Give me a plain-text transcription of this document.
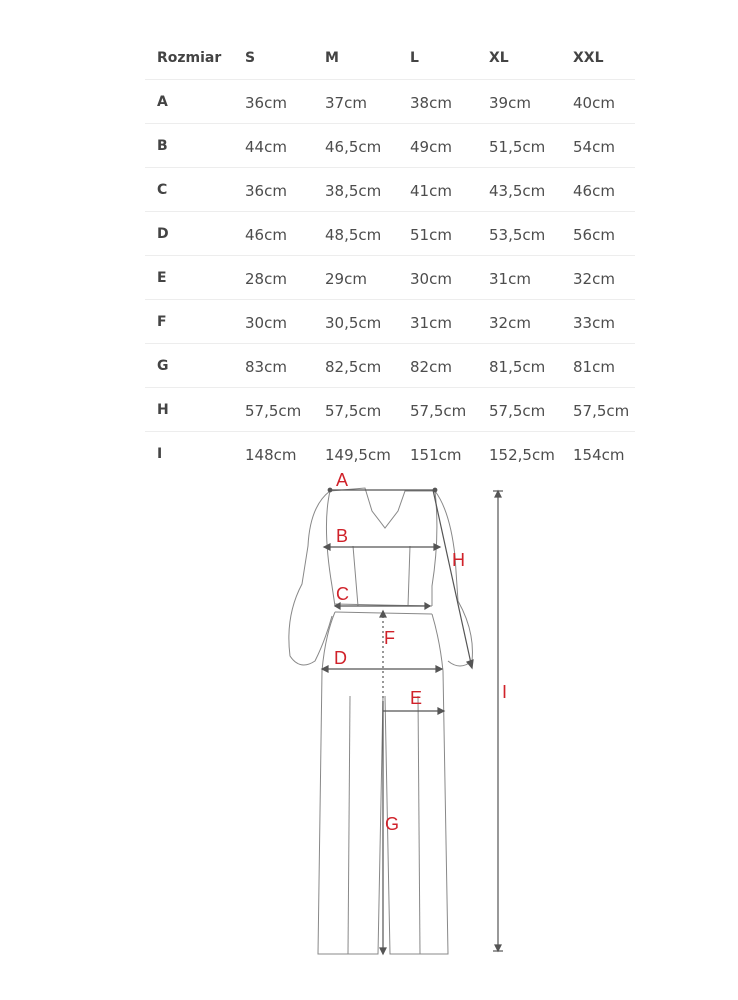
Rozmiar S	M	L	XL	XXL
A	36cm	37cm	38cm 39cm	40cm
B	44cm	46,5cm 49cm 51,5cm 54cm
C	36cm	38,5cm 41cm 43,5cm 46cm
D	46cm	48,5cm 51cm 53,5cm 56cm
E	28cm	29cm	30cm 31cm	32cm
F	30cm	30,5cm 31cm 32cm	33cm
G	83cm	82,5cm 82cm 81,5cm 81cm
H	57,5cm 57,5cm 57,5cm 57,5cm 57,5cm
I	148cm 149,5cm 151cm 152,5cm 154cm
A
B
C
D
E
F
G
H
I
